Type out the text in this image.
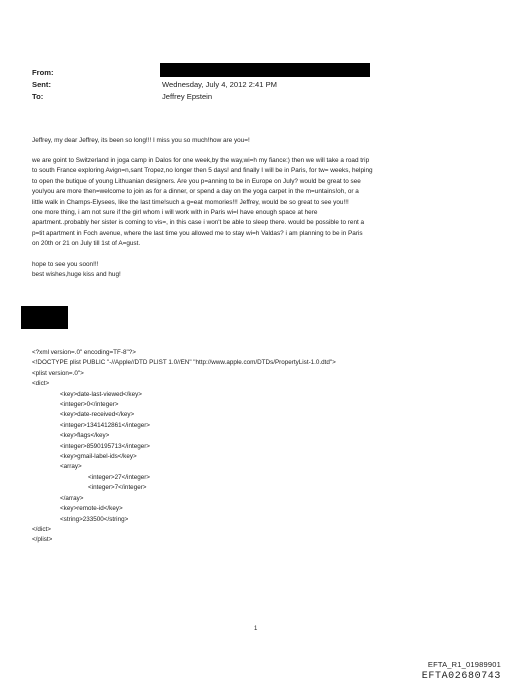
From:
Sent:	Wednesday, July 4, 2012 2:41 PM
To:	Jeffrey Epstein

Jeffrey, my dear Jeffrey, its been so long!!! I miss you so much!how are you=!

we are goint to Switzerland in joga camp in Dalos for one week,by the way,wi=h my fiance:) then we will take a road trip

to south France exploring Avign=n,sant Tropez,no longer then 5 days! and finally I will be in Paris, for tw= weeks, helping

to open the butique of young Lithuanian designers. Are you p=anning to be in Europe on July? would be great to see

you!you are more then=welcome to join as for a dinner, or spend a day on the yoga carpet in the m=untains!oh, or a

little walk in Champs-Elysees, like the last time!such a g=eat momories!!! Jeffrey, would be so great to see you!!!

one more thing, i am not sure if the girl whom i will work with in Paris wi=l have enough space at here

apartment..probably her sister is coming to vis=, in this case i won't be able to sleep there. would be possible to rent a

p=tit apartment in Foch avenue, where the last time you allowed me to stay wi=h Valdas? i am planning to be in Paris

on 20th or 21 on July till 1st of A=gust.

hope to see you soon!!!

best wishes,huge kiss and hug!

<?xml version=.0" encoding=TF-8"?>
<!DOCTYPE plist PUBLIC "-//Apple//DTD PLIST 1.0//EN" "http://www.apple.com/DTDs/PropertyList-1.0.dtd">
<plist version=.0">
<dict>
<key>date-last-viewed</key>
<integer>0</integer>
<key>date-received</key>
<integer>1341412861</integer>
<key>flags</key>
<integer>8590195713</integer>
<key>gmail-label-ids</key>
<array>
<integer>27</integer>
<integer>7</integer>
</array>
<key>remote-id</key>
<string>233500</string>
</dict>
</plist>
1
EFTA_R1_01989901
EFTA02680743
